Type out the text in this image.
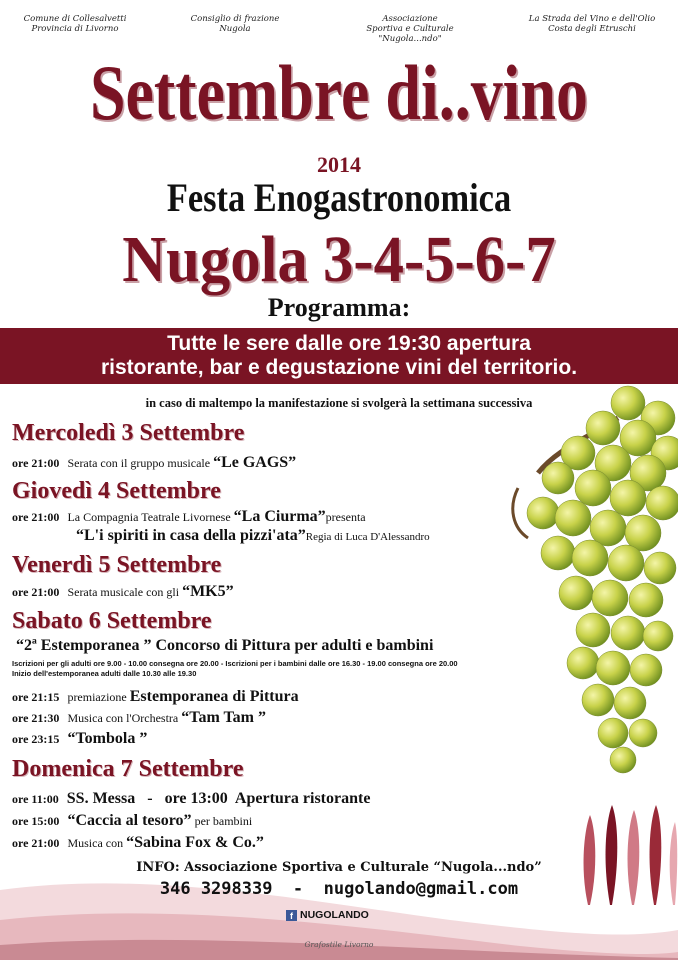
Comune di Collesalvetti
Provincia di Livorno
Consiglio di frazione
Nugola
Associazione
Sportiva e Culturale
"Nugola...ndo"
La Strada del Vino e dell'Olio
Costa degli Etruschi
Settembre di..vino
2014
Festa Enogastronomica
Nugola 3-4-5-6-7
Programma:
Tutte le sere dalle ore 19:30 apertura
ristorante, bar e degustazione vini del territorio.
in caso di maltempo la manifestazione si svolgerà la settimana successiva
Mercoledì 3 Settembre
ore 21:00 Serata con il gruppo musicale “Le GAGS”
Giovedì 4 Settembre
ore 21:00 La Compagnia Teatrale Livornese “La Ciurma”presenta
“L'i spiriti in casa della pizzi'ata”Regia di Luca D'Alessandro
Venerdì 5 Settembre
ore 21:00 Serata musicale con gli “MK5”
Sabato 6 Settembre
“2ª Estemporanea ” Concorso di Pittura per adulti e bambini
Iscrizioni per gli adulti ore 9.00 - 10.00 consegna ore 20.00 - Iscrizioni per i bambini dalle ore 16.30 - 19.00 consegna ore 20.00
Inizio dell'estemporanea adulti dalle 10.30 alle 19.30
ore 21:15 premiazione Estemporanea di Pittura
ore 21:30 Musica con l'Orchestra “Tam Tam ”
ore 23:15 “Tombola ”
Domenica 7 Settembre
ore 11:00 SS. Messa   -   ore 13:00  Apertura ristorante
ore 15:00 “Caccia al tesoro” per bambini
ore 21:00 Musica con “Sabina Fox & Co.”
INFO: Associazione Sportiva e Culturale “Nugola...ndo”
346 3298339  -  nugolando@gmail.com
f NUGOLANDO
Grafostile Livorno
